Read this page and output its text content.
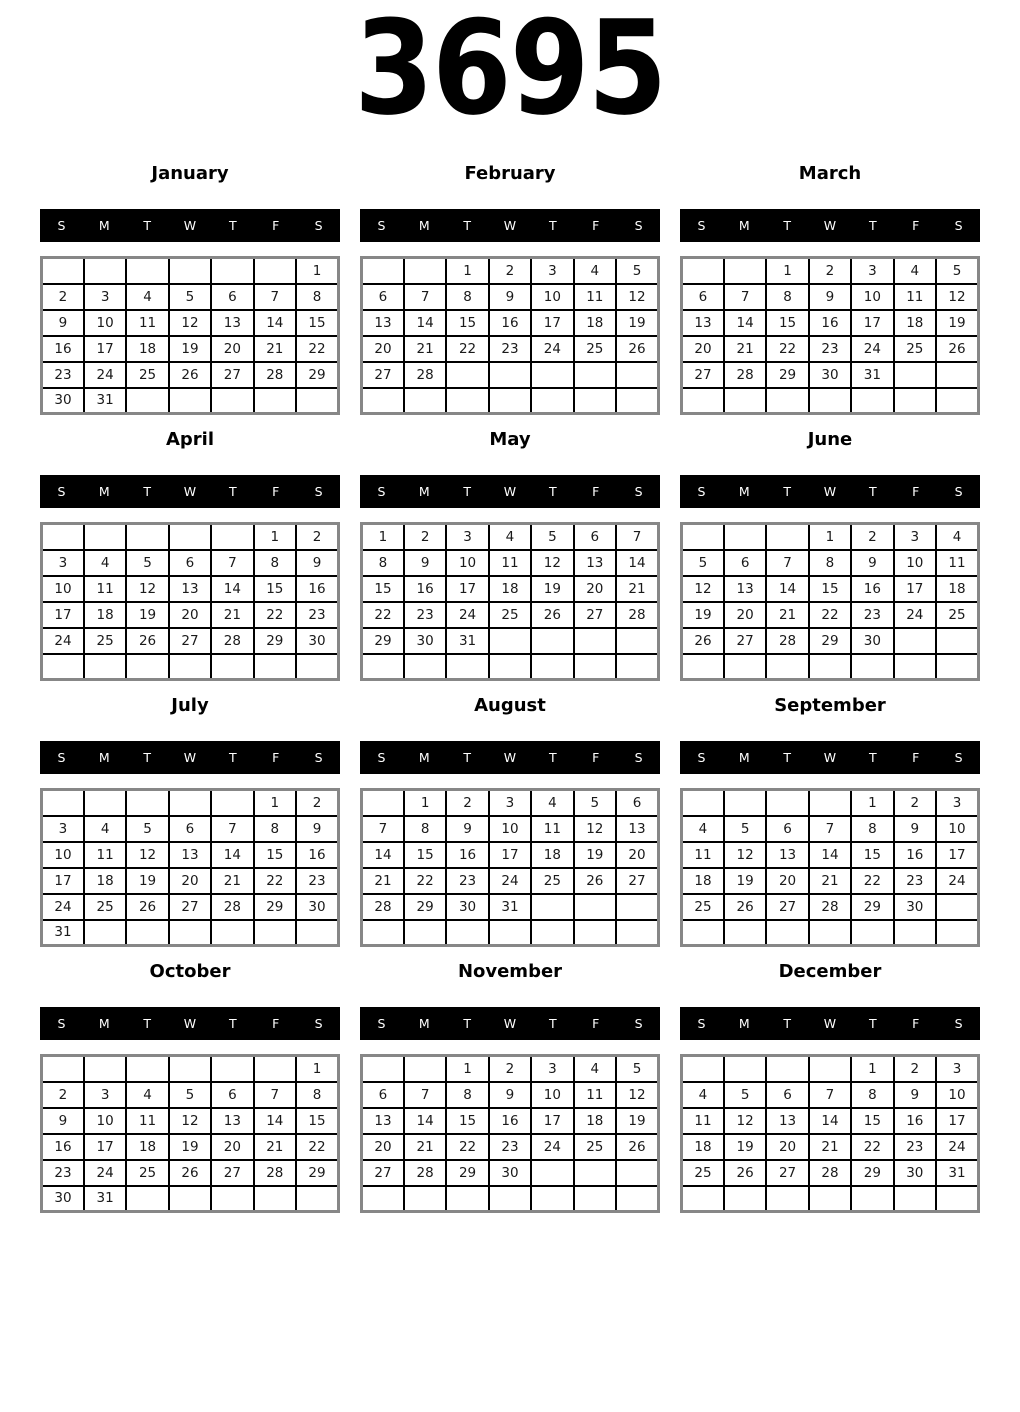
3695
January
S	M	T	W	T	F	S
						1
2	3	4	5	6	7	8
9	10	11	12	13	14	15
16	17	18	19	20	21	22
23	24	25	26	27	28	29
30	31					
February
S	M	T	W	T	F	S
		1	2	3	4	5
6	7	8	9	10	11	12
13	14	15	16	17	18	19
20	21	22	23	24	25	26
27	28					

March
S	M	T	W	T	F	S
		1	2	3	4	5
6	7	8	9	10	11	12
13	14	15	16	17	18	19
20	21	22	23	24	25	26
27	28	29	30	31		

April
S	M	T	W	T	F	S
					1	2
3	4	5	6	7	8	9
10	11	12	13	14	15	16
17	18	19	20	21	22	23
24	25	26	27	28	29	30

May
S	M	T	W	T	F	S
1	2	3	4	5	6	7
8	9	10	11	12	13	14
15	16	17	18	19	20	21
22	23	24	25	26	27	28
29	30	31				

June
S	M	T	W	T	F	S
			1	2	3	4
5	6	7	8	9	10	11
12	13	14	15	16	17	18
19	20	21	22	23	24	25
26	27	28	29	30		

July
S	M	T	W	T	F	S
					1	2
3	4	5	6	7	8	9
10	11	12	13	14	15	16
17	18	19	20	21	22	23
24	25	26	27	28	29	30
31						
August
S	M	T	W	T	F	S
	1	2	3	4	5	6
7	8	9	10	11	12	13
14	15	16	17	18	19	20
21	22	23	24	25	26	27
28	29	30	31			

September
S	M	T	W	T	F	S
				1	2	3
4	5	6	7	8	9	10
11	12	13	14	15	16	17
18	19	20	21	22	23	24
25	26	27	28	29	30	

October
S	M	T	W	T	F	S
						1
2	3	4	5	6	7	8
9	10	11	12	13	14	15
16	17	18	19	20	21	22
23	24	25	26	27	28	29
30	31					
November
S	M	T	W	T	F	S
		1	2	3	4	5
6	7	8	9	10	11	12
13	14	15	16	17	18	19
20	21	22	23	24	25	26
27	28	29	30			

December
S	M	T	W	T	F	S
				1	2	3
4	5	6	7	8	9	10
11	12	13	14	15	16	17
18	19	20	21	22	23	24
25	26	27	28	29	30	31
